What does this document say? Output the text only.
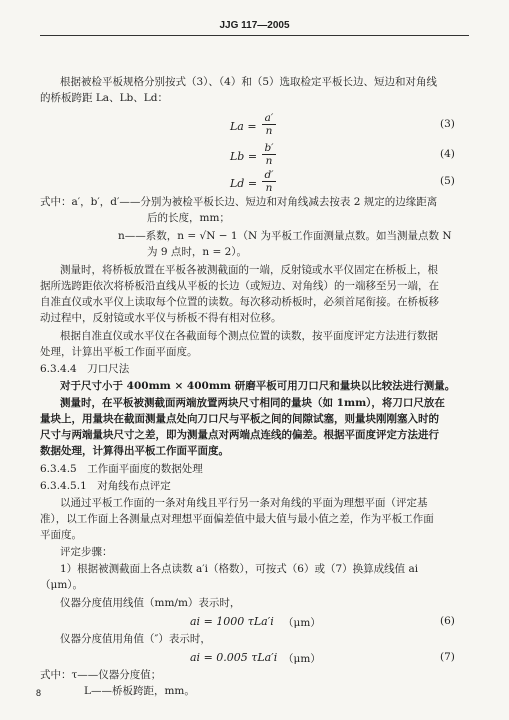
JJG 117—2005
根据被检平板规格分别按式（3）、（4）和（5）选取检定平板长边、短边和对角线
的桥板跨距 La、Lb、Ld：
$La = \frac{a'}{n}$	(3)
$Lb = \frac{b'}{n}$	(4)
$Ld = \frac{d'}{n}$	(5)
式中：a′，b′，d′——分别为被检平板长边、短边和对角线减去按表 2 规定的边缘距离
后的长度，mm；
n——系数，n = √N − 1（N 为平板工作面测量点数。如当测量点数 N
为 9 点时，n = 2）。
测量时，将桥板放置在平板各被测截面的一端，反射镜或水平仪固定在桥板上，根
据所选跨距依次将桥板沿直线从平板的长边（或短边、对角线）的一端移至另一端，在
自准直仪或水平仪上读取每个位置的读数。每次移动桥板时，必须首尾衔接。在桥板移
动过程中，反射镜或水平仪与桥板不得有相对位移。
根据自准直仪或水平仪在各截面每个测点位置的读数，按平面度评定方法进行数据
处理，计算出平板工作面平面度。
6.3.4.4　刀口尺法
对于尺寸小于 400mm × 400mm 研磨平板可用刀口尺和量块以比较法进行测量。
测量时，在平板被测截面两端放置两块尺寸相同的量块（如 1mm），将刀口尺放在
量块上，用量块在截面测量点处向刀口尺与平板之间的间隙试塞，则量块刚刚塞入时的
尺寸与两端量块尺寸之差，即为测量点对两端点连线的偏差。根据平面度评定方法进行
数据处理，计算得出平板工作面平面度。
6.3.4.5　工作面平面度的数据处理
6.3.4.5.1　对角线布点评定
以通过平板工作面的一条对角线且平行另一条对角线的平面为理想平面（评定基
准），以工作面上各测量点对理想平面偏差值中最大值与最小值之差，作为平板工作面
平面度。
评定步骤：
1）根据被测截面上各点读数 a′i（格数），可按式（6）或（7）换算成线值 ai
（μm）。
仪器分度值用线值（mm/m）表示时，
ai = 1000 τLa′i （μm）	(6)
仪器分度值用角值（″）表示时，
ai = 0.005 τLa′i （μm）	(7)
式中：τ——仪器分度值；
L——桥板跨距，mm。
8
